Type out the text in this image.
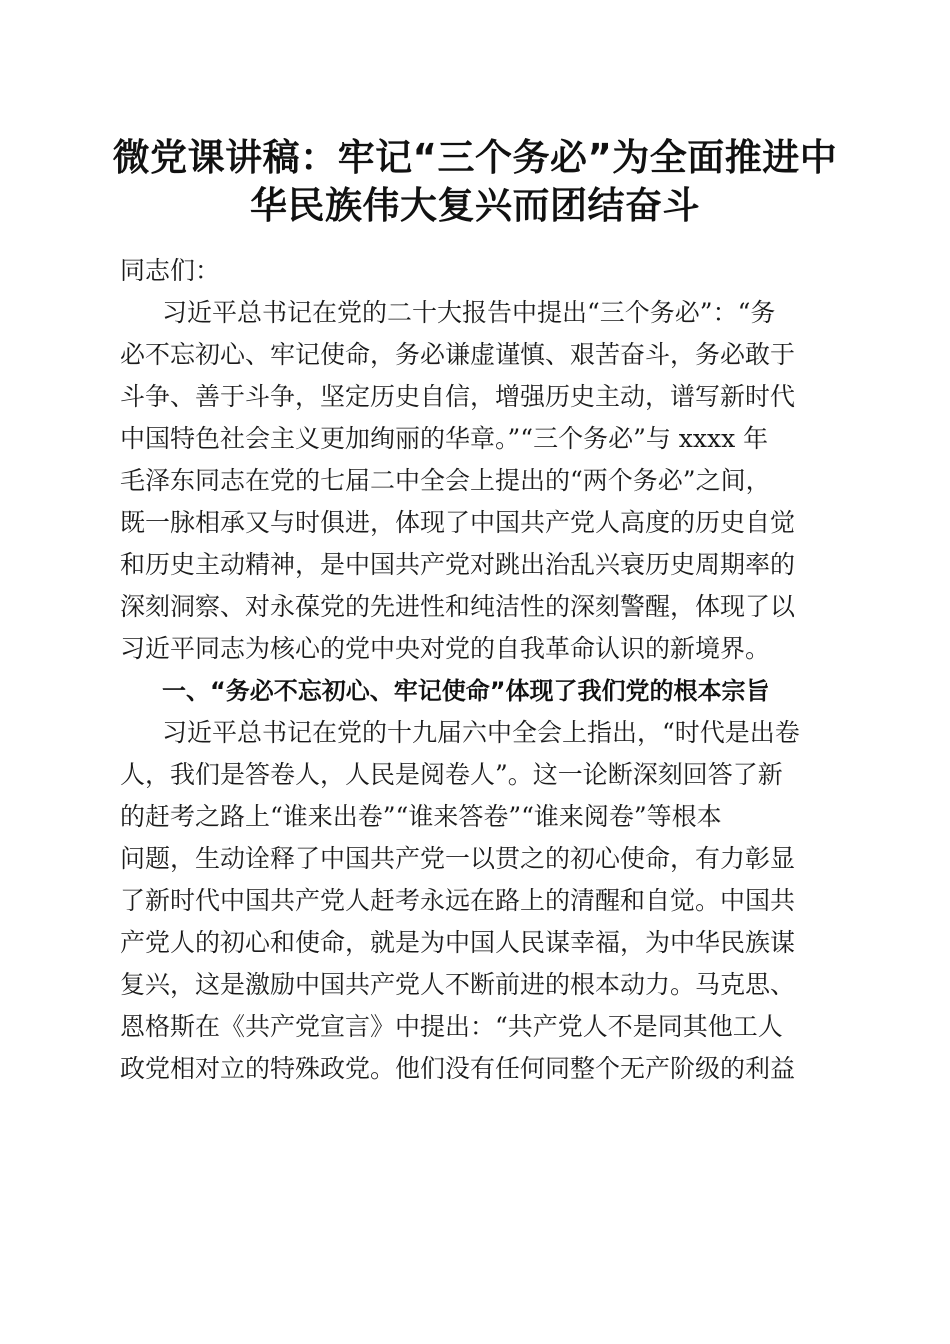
微党课讲稿：牢记“三个务必”为全面推进中
华民族伟大复兴而团结奋斗
同志们：
习近平总书记在党的二十大报告中提出“三个务必”：“务
必不忘初心、牢记使命，务必谦虚谨慎、艰苦奋斗，务必敢于
斗争、善于斗争，坚定历史自信，增强历史主动，谱写新时代
中国特色社会主义更加绚丽的华章。”“三个务必”与 xxxx 年
毛泽东同志在党的七届二中全会上提出的“两个务必”之间，
既一脉相承又与时俱进，体现了中国共产党人高度的历史自觉
和历史主动精神，是中国共产党对跳出治乱兴衰历史周期率的
深刻洞察、对永葆党的先进性和纯洁性的深刻警醒，体现了以
习近平同志为核心的党中央对党的自我革命认识的新境界。
一、“务必不忘初心、牢记使命”体现了我们党的根本宗旨
习近平总书记在党的十九届六中全会上指出，“时代是出卷
人，我们是答卷人，人民是阅卷人”。这一论断深刻回答了新
的赶考之路上“谁来出卷”“谁来答卷”“谁来阅卷”等根本
问题，生动诠释了中国共产党一以贯之的初心使命，有力彰显
了新时代中国共产党人赶考永远在路上的清醒和自觉。中国共
产党人的初心和使命，就是为中国人民谋幸福，为中华民族谋
复兴，这是激励中国共产党人不断前进的根本动力。马克思、
恩格斯在《共产党宣言》中提出：“共产党人不是同其他工人
政党相对立的特殊政党。他们没有任何同整个无产阶级的利益
